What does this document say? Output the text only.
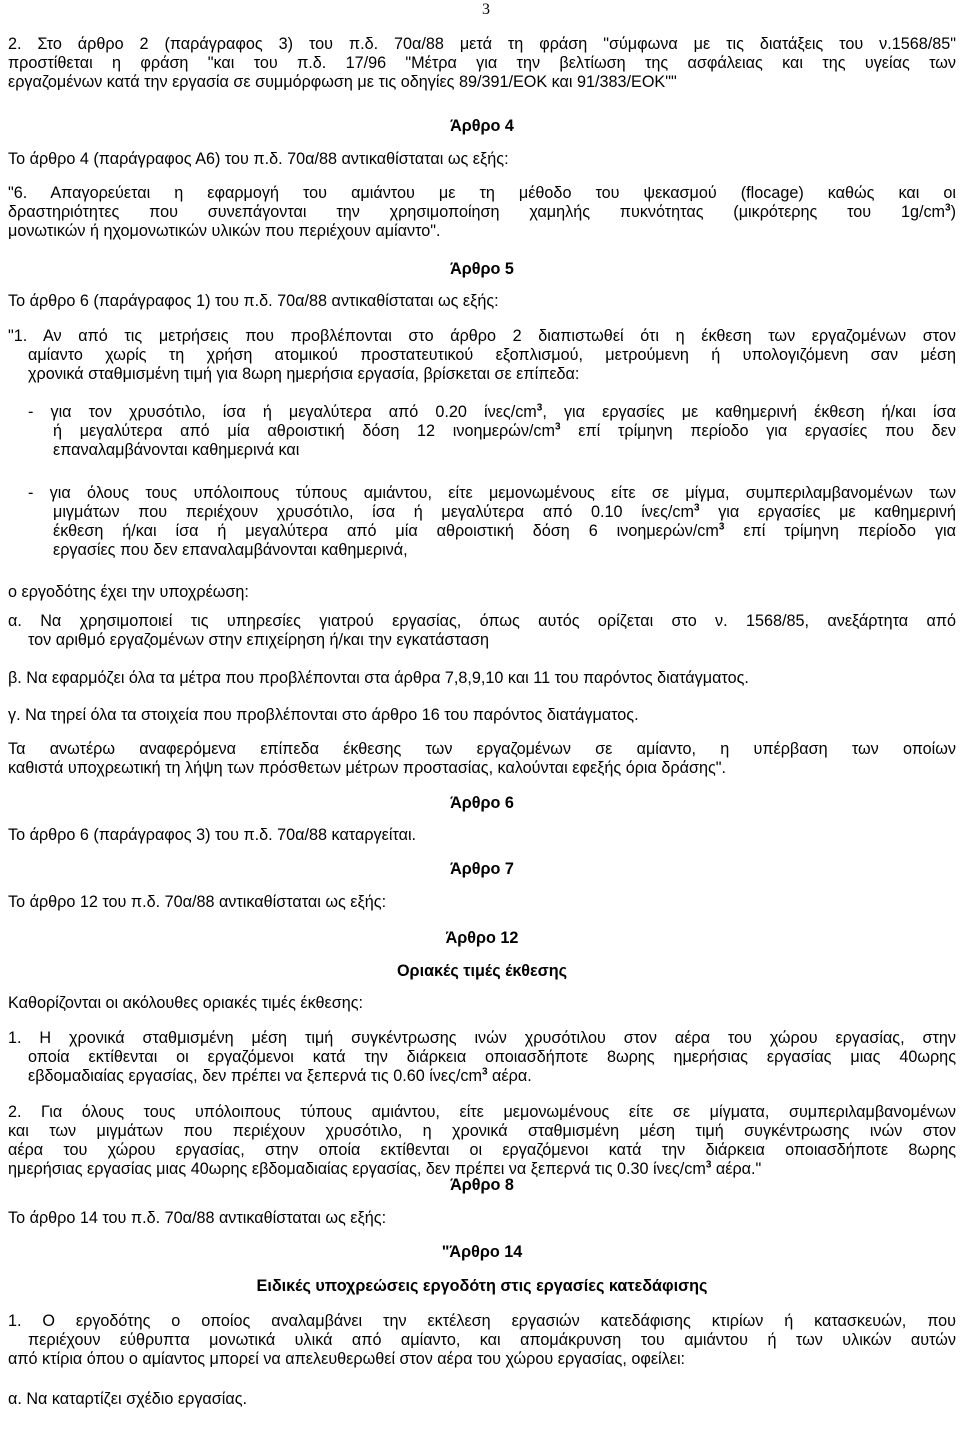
3

2. Στο άρθρο 2 (παράγραφος 3) του π.δ. 70α/88 μετά τη φράση "σύμφωνα με τις διατάξεις του ν.1568/85"

προστίθεται η φράση "και του π.δ. 17/96 "Μέτρα για την βελτίωση της ασφάλειας και της υγείας των

εργαζομένων κατά την εργασία σε συμμόρφωση με τις οδηγίες 89/391/ΕΟΚ και 91/383/ΕΟΚ""

Άρθρο 4
Το άρθρο 4 (παράγραφος Α6) του π.δ. 70α/88 αντικαθίσταται ως εξής:

"6. Απαγορεύεται η εφαρμογή του αμιάντου με τη μέθοδο του ψεκασμού (flocage) καθώς και οι

δραστηριότητες που συνεπάγονται την χρησιμοποίηση χαμηλής πυκνότητας (μικρότερης του $1g/cm^3$)

μονωτικών ή ηχομονωτικών υλικών που περιέχουν αμίαντο".

Άρθρο 5
Το άρθρο 6 (παράγραφος 1) του π.δ. 70α/88 αντικαθίσταται ως εξής:

"1. Αν από τις μετρήσεις που προβλέπονται στο άρθρο 2 διαπιστωθεί ότι η έκθεση των εργαζομένων στον

αμίαντο χωρίς τη χρήση ατομικού προστατευτικού εξοπλισμού, μετρούμενη ή υπολογιζόμενη σαν μέση

χρονικά σταθμισμένη τιμή για 8ωρη ημερήσια εργασία, βρίσκεται σε επίπεδα:

- για τον χρυσότιλο, ίσα ή μεγαλύτερα από 0.20 ίνες/$cm^3$, για εργασίες με καθημερινή έκθεση ή/και ίσα

ή μεγαλύτερα από μία αθροιστική δόση 12 ινοημερών/$cm^3$ επί τρίμηνη περίοδο για εργασίες που δεν

επαναλαμβάνονται καθημερινά και

- για όλους τους υπόλοιπους τύπους αμιάντου, είτε μεμονωμένους είτε σε μίγμα, συμπεριλαμβανομένων των

μιγμάτων που περιέχουν χρυσότιλο, ίσα ή μεγαλύτερα από 0.10 ίνες/$cm^3$ για εργασίες με καθημερινή

έκθεση ή/και ίσα ή μεγαλύτερα από μία αθροιστική δόση 6 ινοημερών/$cm^3$ επί τρίμηνη περίοδο για

εργασίες που δεν επαναλαμβάνονται καθημερινά,

ο εργοδότης έχει την υποχρέωση:

α. Να χρησιμοποιεί τις υπηρεσίες γιατρού εργασίας, όπως αυτός ορίζεται στο ν. 1568/85, ανεξάρτητα από

τον αριθμό εργαζομένων στην επιχείρηση ή/και την εγκατάσταση

β. Να εφαρμόζει όλα τα μέτρα που προβλέπονται στα άρθρα 7,8,9,10 και 11 του παρόντος διατάγματος.
γ. Να τηρεί όλα τα στοιχεία που προβλέπονται στο άρθρο 16 του παρόντος διατάγματος.

Τα ανωτέρω αναφερόμενα επίπεδα έκθεσης των εργαζομένων σε αμίαντο, η υπέρβαση των οποίων

καθιστά υποχρεωτική τη λήψη των πρόσθετων μέτρων προστασίας, καλούνται εφεξής όρια δράσης".

Άρθρο 6
Το άρθρο 6 (παράγραφος 3) του π.δ. 70α/88 καταργείται.
Άρθρο 7
Το άρθρο 12 του π.δ. 70α/88 αντικαθίσταται ως εξής:
Άρθρο 12
Οριακές τιμές έκθεσης
Καθορίζονται οι ακόλουθες οριακές τιμές έκθεσης:

1. Η χρονικά σταθμισμένη μέση τιμή συγκέντρωσης ινών χρυσότιλου στον αέρα του χώρου εργασίας, στην

οποία εκτίθενται οι εργαζόμενοι κατά την διάρκεια οποιασδήποτε 8ωρης ημερήσιας εργασίας μιας 40ωρης

εβδομαδιαίας εργασίας, δεν πρέπει να ξεπερνά τις 0.60 ίνες/$cm^3$ αέρα.

2. Για όλους τους υπόλοιπους τύπους αμιάντου, είτε μεμονωμένους είτε σε μίγματα, συμπεριλαμβανομένων

και των μιγμάτων που περιέχουν χρυσότιλο, η χρονικά σταθμισμένη μέση τιμή συγκέντρωσης ινών στον

αέρα του χώρου εργασίας, στην οποία εκτίθενται οι εργαζόμενοι κατά την διάρκεια οποιασδήποτε 8ωρης

ημερήσιας εργασίας μιας 40ωρης εβδομαδιαίας εργασίας, δεν πρέπει να ξεπερνά τις 0.30 ίνες/$cm^3$ αέρα."

Άρθρο 8
Το άρθρο 14 του π.δ. 70α/88 αντικαθίσταται ως εξής:
"Άρθρο 14
Ειδικές υποχρεώσεις εργοδότη στις εργασίες κατεδάφισης

1. Ο εργοδότης ο οποίος αναλαμβάνει την εκτέλεση εργασιών κατεδάφισης κτιρίων ή κατασκευών, που

περιέχουν εύθρυπτα μονωτικά υλικά από αμίαντο, και απομάκρυνση του αμιάντου ή των υλικών αυτών

από κτίρια όπου ο αμίαντος μπορεί να απελευθερωθεί στον αέρα του χώρου εργασίας, οφείλει:

α. Να καταρτίζει σχέδιο εργασίας.
